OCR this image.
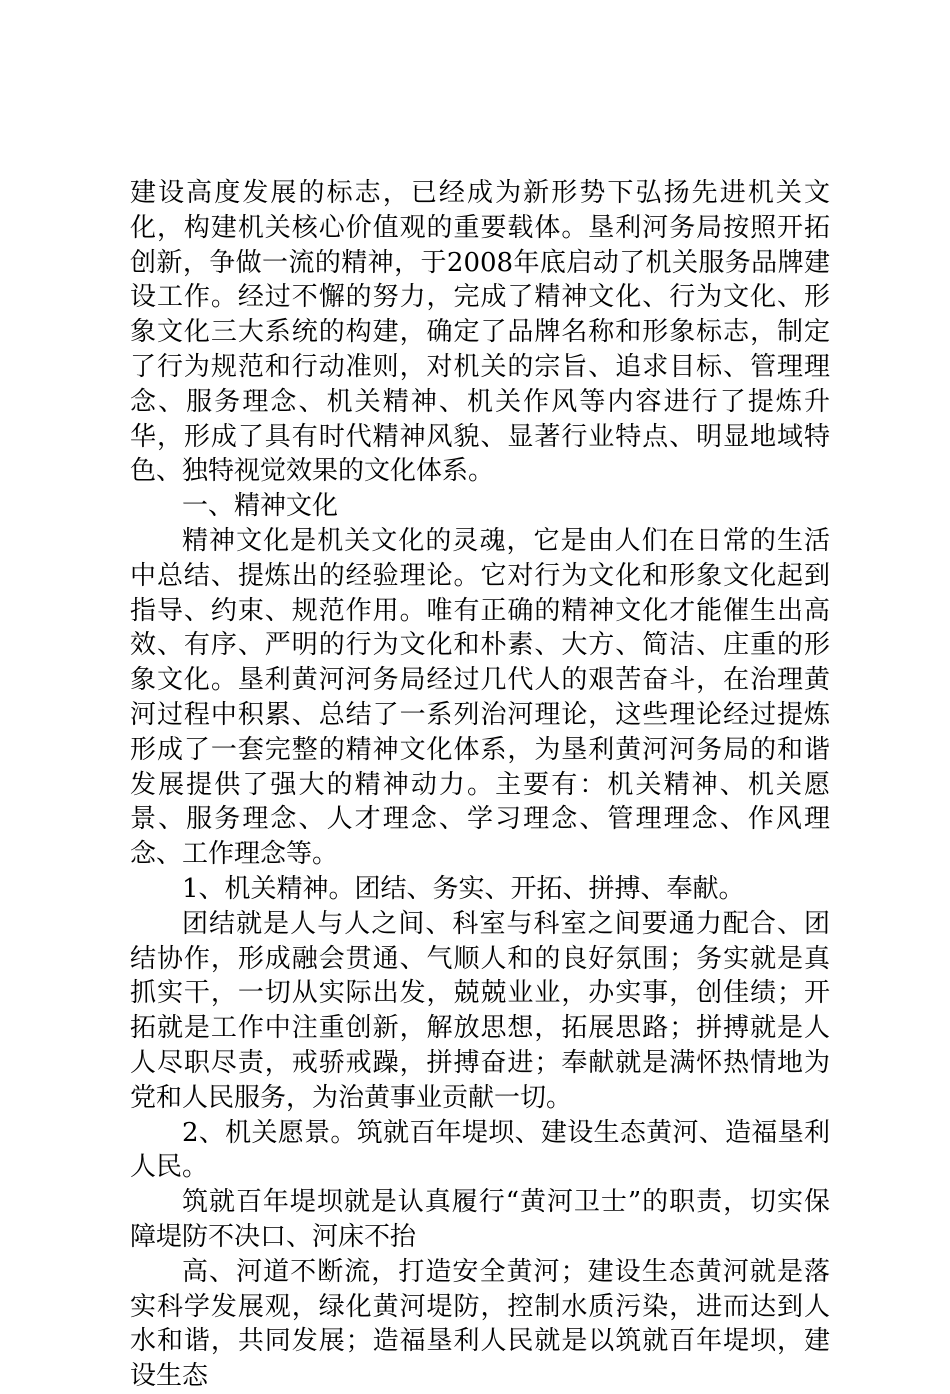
建设高度发展的标志，已经成为新形势下弘扬先进机关文化，构建机关核心价值观的重要载体。垦利河务局按照开拓创新，争做一流的精神，于2008年底启动了机关服务品牌建设工作。经过不懈的努力，完成了精神文化、行为文化、形象文化三大系统的构建，确定了品牌名称和形象标志，制定了行为规范和行动准则，对机关的宗旨、追求目标、管理理念、服务理念、机关精神、机关作风等内容进行了提炼升华，形成了具有时代精神风貌、显著行业特点、明显地域特色、独特视觉效果的文化体系。

一、精神文化

精神文化是机关文化的灵魂，它是由人们在日常的生活中总结、提炼出的经验理论。它对行为文化和形象文化起到指导、约束、规范作用。唯有正确的精神文化才能催生出高效、有序、严明的行为文化和朴素、大方、简洁、庄重的形象文化。垦利黄河河务局经过几代人的艰苦奋斗，在治理黄河过程中积累、总结了一系列治河理论，这些理论经过提炼形成了一套完整的精神文化体系，为垦利黄河河务局的和谐发展提供了强大的精神动力。主要有：机关精神、机关愿景、服务理念、人才理念、学习理念、管理理念、作风理念、工作理念等。

1、机关精神。团结、务实、开拓、拼搏、奉献。

团结就是人与人之间、科室与科室之间要通力配合、团结协作，形成融会贯通、气顺人和的良好氛围；务实就是真抓实干，一切从实际出发，兢兢业业，办实事，创佳绩；开拓就是工作中注重创新，解放思想，拓展思路；拼搏就是人人尽职尽责，戒骄戒躁，拼搏奋进；奉献就是满怀热情地为党和人民服务，为治黄事业贡献一切。

2、机关愿景。筑就百年堤坝、建设生态黄河、造福垦利人民。

筑就百年堤坝就是认真履行“黄河卫士”的职责，切实保障堤防不决口、河床不抬

高、河道不断流，打造安全黄河；建设生态黄河就是落实科学发展观，绿化黄河堤防，控制水质污染，进而达到人水和谐，共同发展；造福垦利人民就是以筑就百年堤坝，建设生态
